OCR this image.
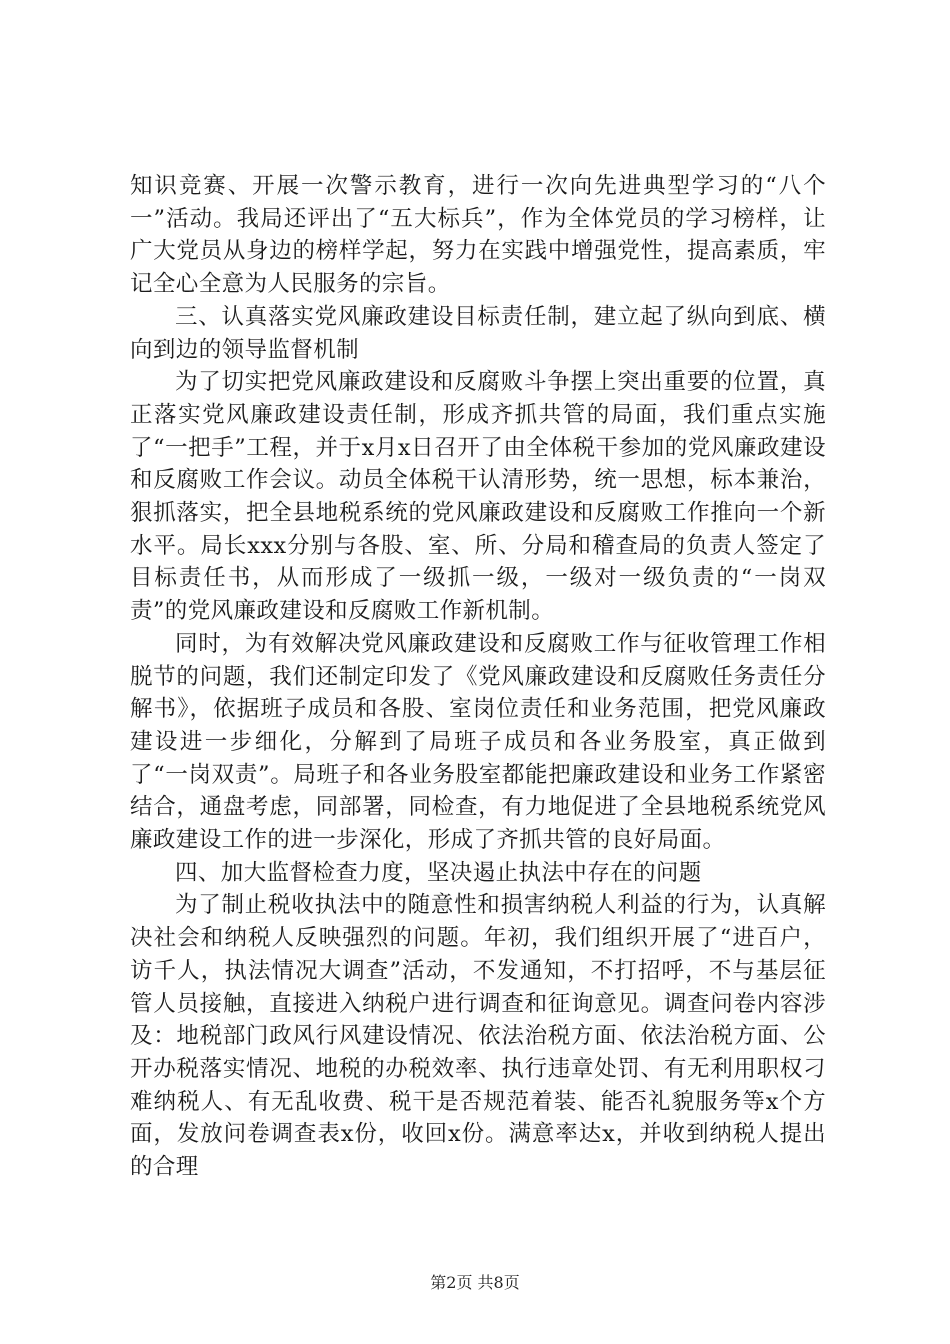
知识竞赛、开展一次警示教育，进行一次向先进典型学习的“八个一”活动。我局还评出了“五大标兵”，作为全体党员的学习榜样，让广大党员从身边的榜样学起，努力在实践中增强党性，提高素质，牢记全心全意为人民服务的宗旨。

三、认真落实党风廉政建设目标责任制，建立起了纵向到底、横向到边的领导监督机制

为了切实把党风廉政建设和反腐败斗争摆上突出重要的位置，真正落实党风廉政建设责任制，形成齐抓共管的局面，我们重点实施了“一把手”工程，并于x月x日召开了由全体税干参加的党风廉政建设和反腐败工作会议。动员全体税干认清形势，统一思想，标本兼治，狠抓落实，把全县地税系统的党风廉政建设和反腐败工作推向一个新水平。局长xxx分别与各股、室、所、分局和稽查局的负责人签定了目标责任书，从而形成了一级抓一级，一级对一级负责的“一岗双责”的党风廉政建设和反腐败工作新机制。

同时，为有效解决党风廉政建设和反腐败工作与征收管理工作相脱节的问题，我们还制定印发了《党风廉政建设和反腐败任务责任分解书》，依据班子成员和各股、室岗位责任和业务范围，把党风廉政建设进一步细化，分解到了局班子成员和各业务股室，真正做到了“一岗双责”。局班子和各业务股室都能把廉政建设和业务工作紧密结合，通盘考虑，同部署，同检查，有力地促进了全县地税系统党风廉政建设工作的进一步深化，形成了齐抓共管的良好局面。

四、加大监督检查力度，坚决遏止执法中存在的问题

为了制止税收执法中的随意性和损害纳税人利益的行为，认真解决社会和纳税人反映强烈的问题。年初，我们组织开展了“进百户，访千人，执法情况大调查”活动，不发通知，不打招呼，不与基层征管人员接触，直接进入纳税户进行调查和征询意见。调查问卷内容涉及：地税部门政风行风建设情况、依法治税方面、依法治税方面、公开办税落实情况、地税的办税效率、执行违章处罚、有无利用职权刁难纳税人、有无乱收费、税干是否规范着装、能否礼貌服务等x个方面，发放问卷调查表x份，收回x份。满意率达x，并收到纳税人提出的合理

第2页 共8页
